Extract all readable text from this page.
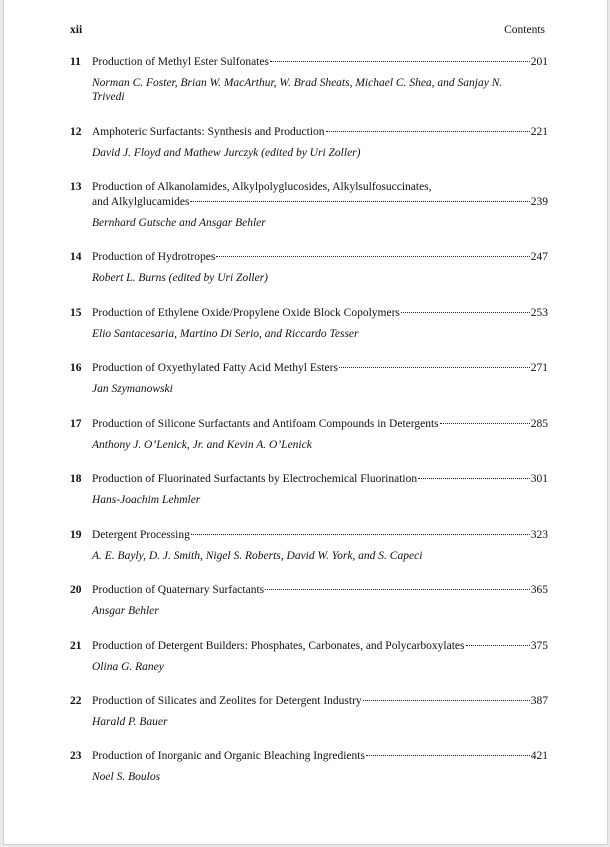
xii	Contents
11 Production of Methyl Ester Sulfonates	201
Norman C. Foster, Brian W. MacArthur, W. Brad Sheats, Michael C. Shea, and Sanjay N. Trivedi
12 Amphoteric Surfactants: Synthesis and Production	221
David J. Floyd and Mathew Jurczyk (edited by Uri Zoller)
13 Production of Alkanolamides, Alkylpolyglucosides, Alkylsulfosuccinates,
and Alkylglucamides	239
Bernhard Gutsche and Ansgar Behler
14 Production of Hydrotropes	247
Robert L. Burns (edited by Uri Zoller)
15 Production of Ethylene Oxide/Propylene Oxide Block Copolymers	253
Elio Santacesaria, Martino Di Serio, and Riccardo Tesser
16 Production of Oxyethylated Fatty Acid Methyl Esters	271
Jan Szymanowski
17 Production of Silicone Surfactants and Antifoam Compounds in Detergents	285
Anthony J. O’Lenick, Jr. and Kevin A. O’Lenick
18 Production of Fluorinated Surfactants by Electrochemical Fluorination	301
Hans-Joachim Lehmler
19 Detergent Processing	323
A. E. Bayly, D. J. Smith, Nigel S. Roberts, David W. York, and S. Capeci
20 Production of Quaternary Surfactants	365
Ansgar Behler
21 Production of Detergent Builders: Phosphates, Carbonates, and Polycarboxylates	375
Olina G. Raney
22 Production of Silicates and Zeolites for Detergent Industry	387
Harald P. Bauer
23 Production of Inorganic and Organic Bleaching Ingredients	421
Noel S. Boulos
